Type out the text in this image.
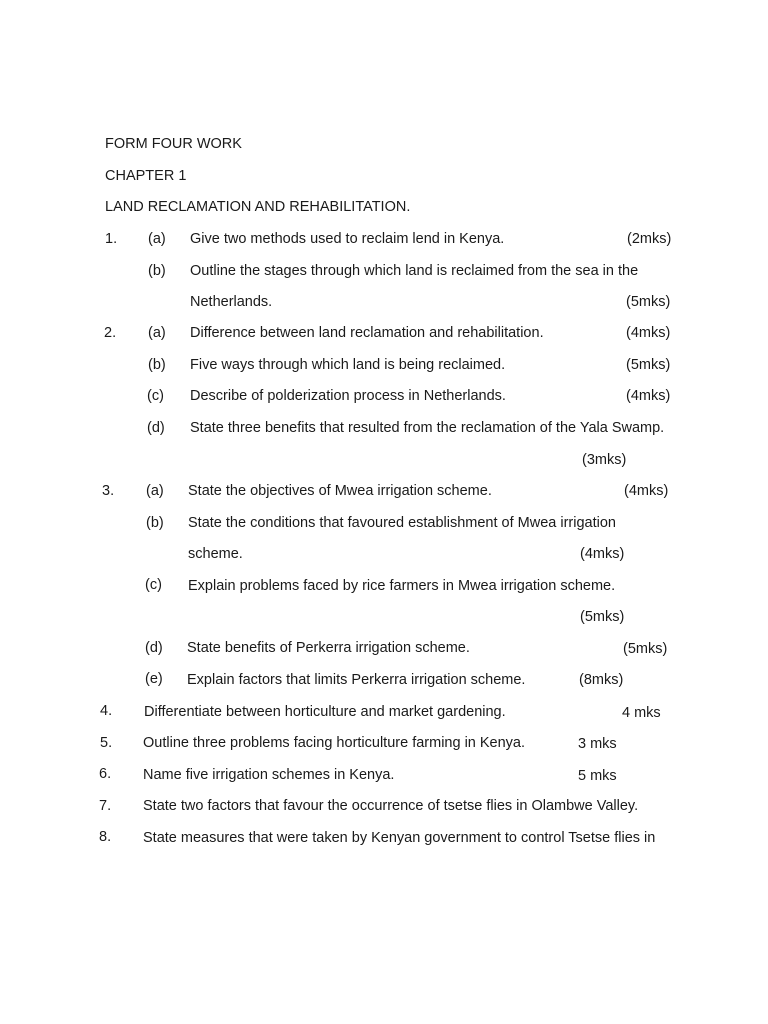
FORM FOUR WORK
CHAPTER 1
LAND RECLAMATION AND REHABILITATION.
1. (a) Give two methods used to reclaim lend in Kenya.	(2mks)
(b) Outline the stages through which land is reclaimed from the sea in the
Netherlands.	(5mks)
2. (a) Difference between land reclamation and rehabilitation.	(4mks)
(b) Five ways through which land is being reclaimed.	(5mks)
(c) Describe of polderization process in Netherlands.	(4mks)
(d) State three benefits that resulted from the reclamation of the Yala Swamp.
(3mks)
3. (a) State the objectives of Mwea irrigation scheme.	(4mks)
(b) State the conditions that favoured establishment of Mwea irrigation
scheme.	(4mks)
(c) Explain problems faced by rice farmers in Mwea irrigation scheme.
(5mks)
(d) State benefits of Perkerra irrigation scheme.	(5mks)
(e) Explain factors that limits Perkerra irrigation scheme.	(8mks)
4. Differentiate between horticulture and market gardening.	4 mks
5. Outline three problems facing horticulture farming in Kenya.	3 mks
6. Name five irrigation schemes in Kenya.	5 mks
7. State two factors that favour the occurrence of tsetse flies in Olambwe Valley.
8. State measures that were taken by Kenyan government to control Tsetse flies in
